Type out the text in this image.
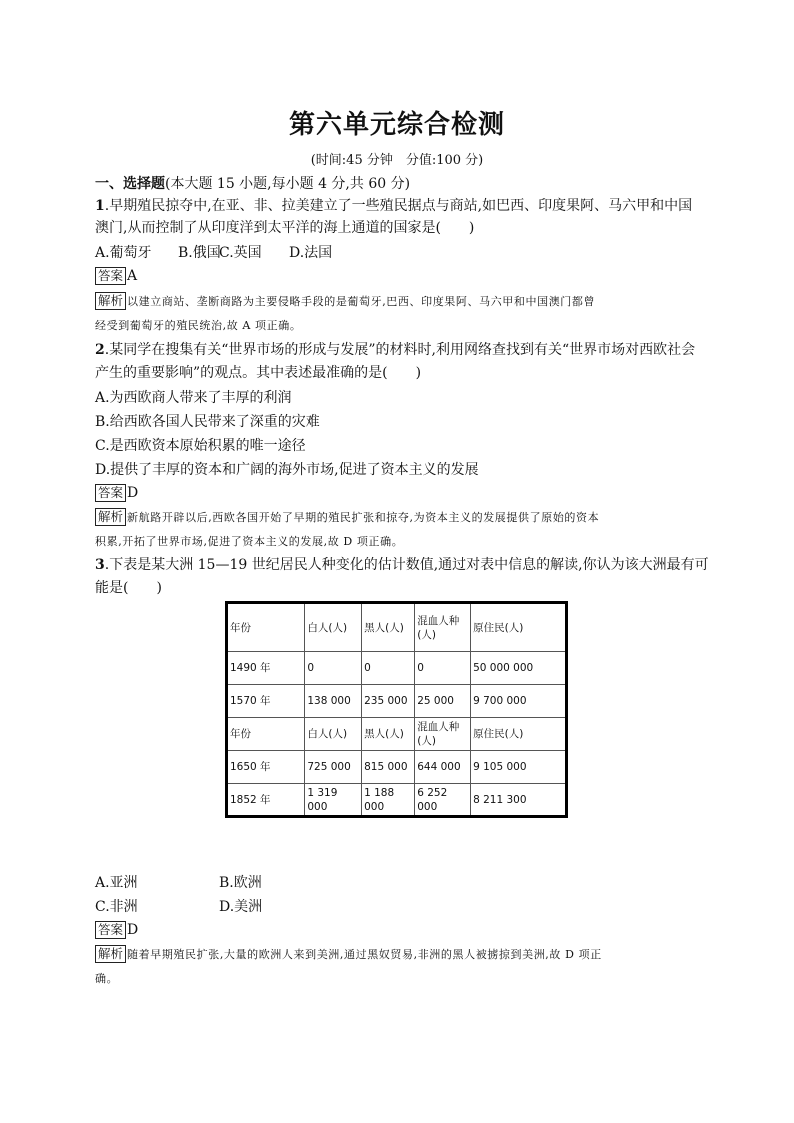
第六单元综合检测
(时间:45 分钟　分值:100 分)
一、选择题(本大题 15 小题,每小题 4 分,共 60 分)
1.早期殖民掠夺中,在亚、非、拉美建立了一些殖民据点与商站,如巴西、印度果阿、马六甲和中国
澳门,从而控制了从印度洋到太平洋的海上通道的国家是(　　)
A.葡萄牙 B.俄国
C.英国 D.法国
答案 A
解析 以建立商站、垄断商路为主要侵略手段的是葡萄牙,巴西、印度果阿、马六甲和中国澳门都曾
经受到葡萄牙的殖民统治,故 A 项正确。
2.某同学在搜集有关“世界市场的形成与发展”的材料时,利用网络查找到有关“世界市场对西欧社会
产生的重要影响”的观点。其中表述最准确的是(　　)
A.为西欧商人带来了丰厚的利润
B.给西欧各国人民带来了深重的灾难
C.是西欧资本原始积累的唯一途径
D.提供了丰厚的资本和广阔的海外市场,促进了资本主义的发展
答案 D
解析 新航路开辟以后,西欧各国开始了早期的殖民扩张和掠夺,为资本主义的发展提供了原始的资本
积累,开拓了世界市场,促进了资本主义的发展,故 D 项正确。
3.下表是某大洲 15—19 世纪居民人种变化的估计数值,通过对表中信息的解读,你认为该大洲最有可
能是(　　)
年份	白人(人)	黑人(人)	混血人种(人)	原住民(人)
1490 年	0	0	0	50 000 000
1570 年	138 000	235 000	25 000	9 700 000
年份	白人(人)	黑人(人)	混血人种(人)	原住民(人)
1650 年	725 000	815 000	644 000	9 105 000
1852 年	1 319 000	1 188 000	6 252 000	8 211 300
A.亚洲	B.欧洲
C.非洲	D.美洲
答案 D
解析 随着早期殖民扩张,大量的欧洲人来到美洲,通过黑奴贸易,非洲的黑人被掳掠到美洲,故 D 项正
确。
